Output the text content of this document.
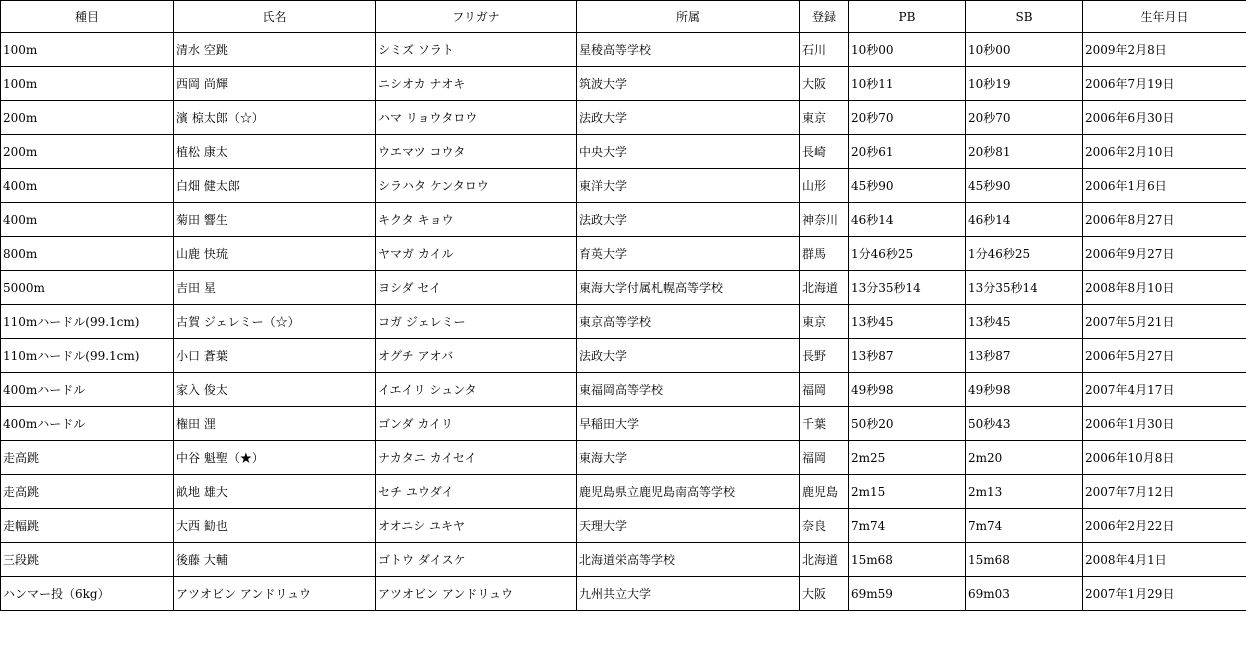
種目	氏名	フリガナ	所属	登録	PB	SB	生年月日
100m	清水 空跳	シミズ ソラト	星稜高等学校	石川	10秒00	10秒00	2009年2月8日
100m	西岡 尚輝	ニシオカ ナオキ	筑波大学	大阪	10秒11	10秒19	2006年7月19日
200m	濱 椋太郎（☆）	ハマ リョウタロウ	法政大学	東京	20秒70	20秒70	2006年6月30日
200m	植松 康太	ウエマツ コウタ	中央大学	長崎	20秒61	20秒81	2006年2月10日
400m	白畑 健太郎	シラハタ ケンタロウ	東洋大学	山形	45秒90	45秒90	2006年1月6日
400m	菊田 響生	キクタ キョウ	法政大学	神奈川	46秒14	46秒14	2006年8月27日
800m	山鹿 快琉	ヤマガ カイル	育英大学	群馬	1分46秒25	1分46秒25	2006年9月27日
5000m	吉田 星	ヨシダ セイ	東海大学付属札幌高等学校	北海道	13分35秒14	13分35秒14	2008年8月10日
110mハードル(99.1cm)	古賀 ジェレミー（☆）	コガ ジェレミー	東京高等学校	東京	13秒45	13秒45	2007年5月21日
110mハードル(99.1cm)	小口 蒼葉	オグチ アオバ	法政大学	長野	13秒87	13秒87	2006年5月27日
400mハードル	家入 俊太	イエイリ シュンタ	東福岡高等学校	福岡	49秒98	49秒98	2007年4月17日
400mハードル	権田 浬	ゴンダ カイリ	早稲田大学	千葉	50秒20	50秒43	2006年1月30日
走高跳	中谷 魁聖（★）	ナカタニ カイセイ	東海大学	福岡	2m25	2m20	2006年10月8日
走高跳	畝地 雄大	セチ ユウダイ	鹿児島県立鹿児島南高等学校	鹿児島	2m15	2m13	2007年7月12日
走幅跳	大西 勧也	オオニシ ユキヤ	天理大学	奈良	7m74	7m74	2006年2月22日
三段跳	後藤 大輔	ゴトウ ダイスケ	北海道栄高等学校	北海道	15m68	15m68	2008年4月1日
ハンマー投（6kg）	アツオビン アンドリュウ	アツオビン アンドリュウ	九州共立大学	大阪	69m59	69m03	2007年1月29日
